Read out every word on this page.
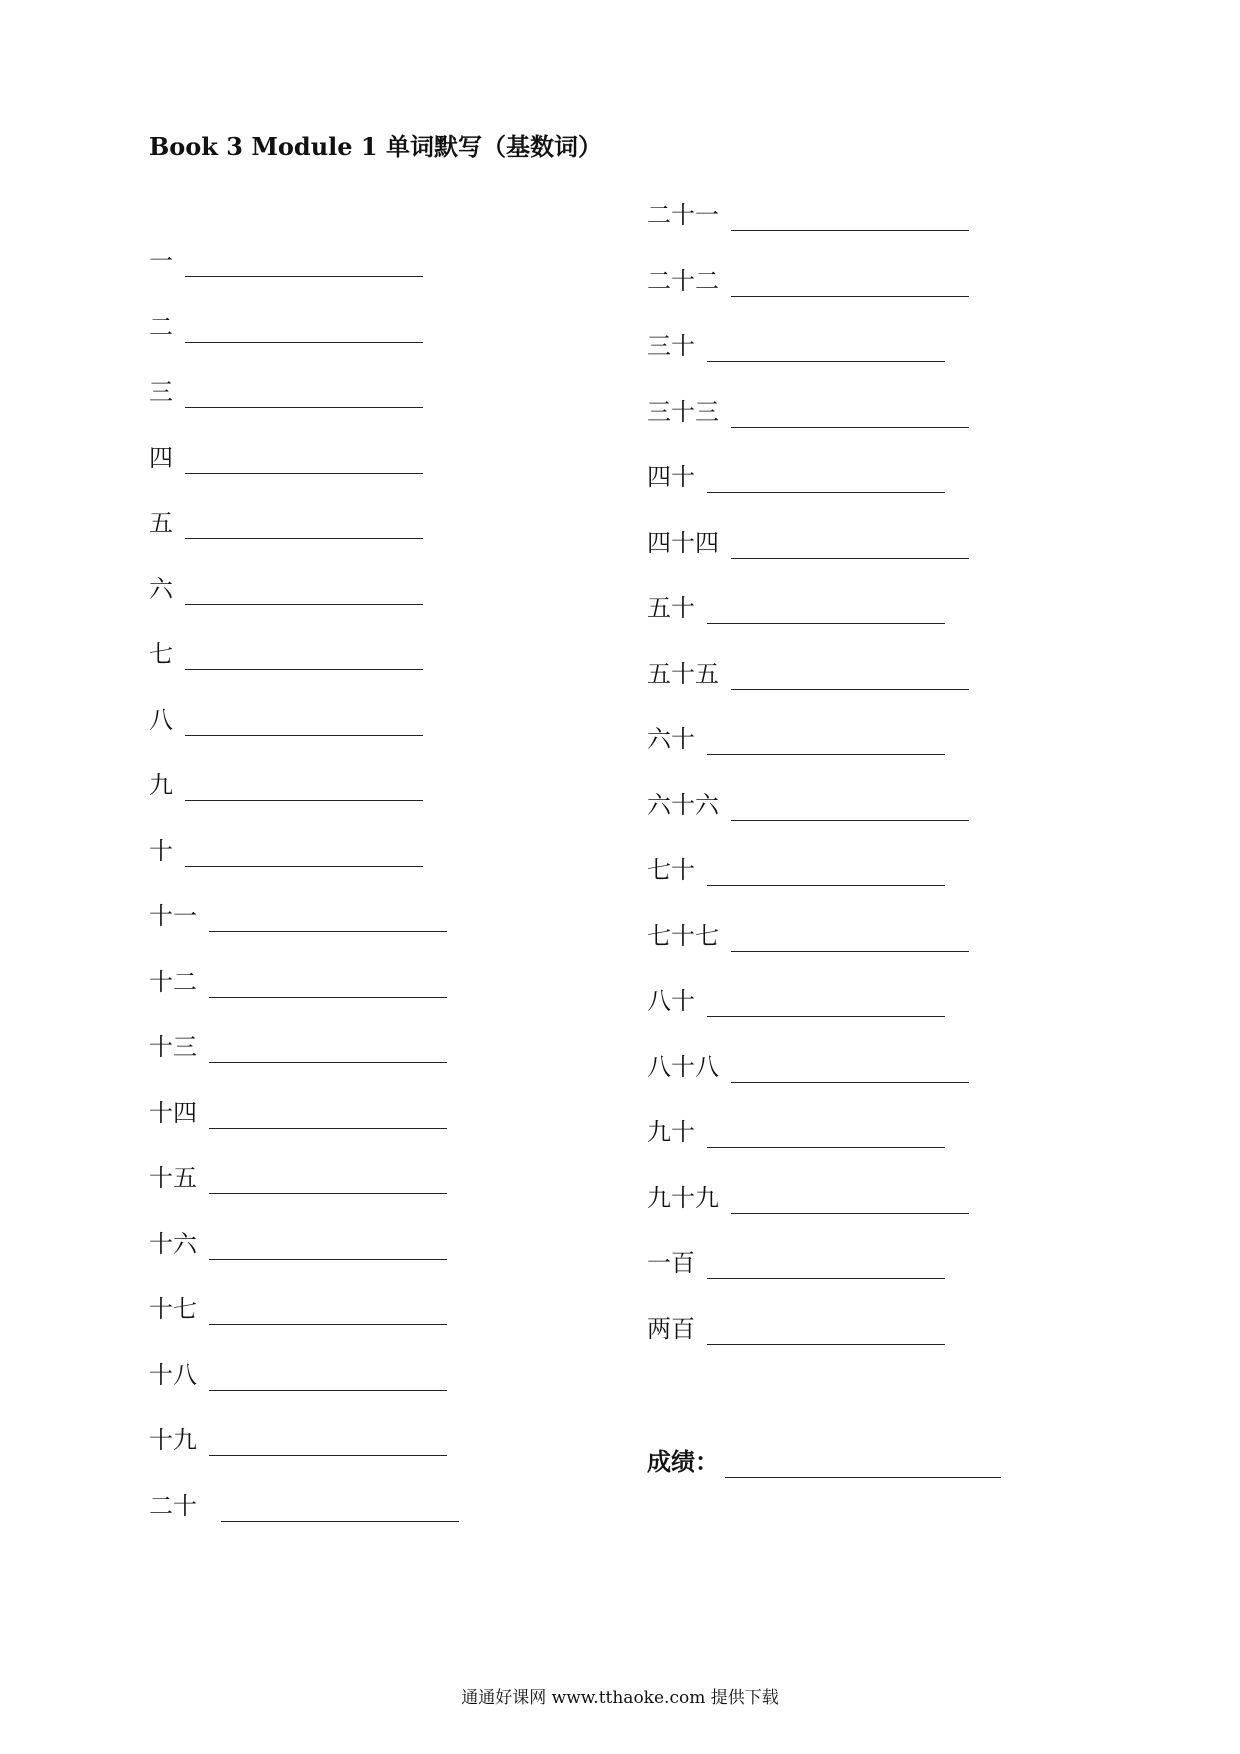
Book 3 Module 1 单词默写（基数词）
一
二
三
四
五
六
七
八
九
十
十一
十二
十三
十四
十五
十六
十七
十八
十九
二十
二十一
二十二
三十
三十三
四十
四十四
五十
五十五
六十
六十六
七十
七十七
八十
八十八
九十
九十九
一百
两百
成绩：
通通好课网 www.tthaoke.com 提供下载
